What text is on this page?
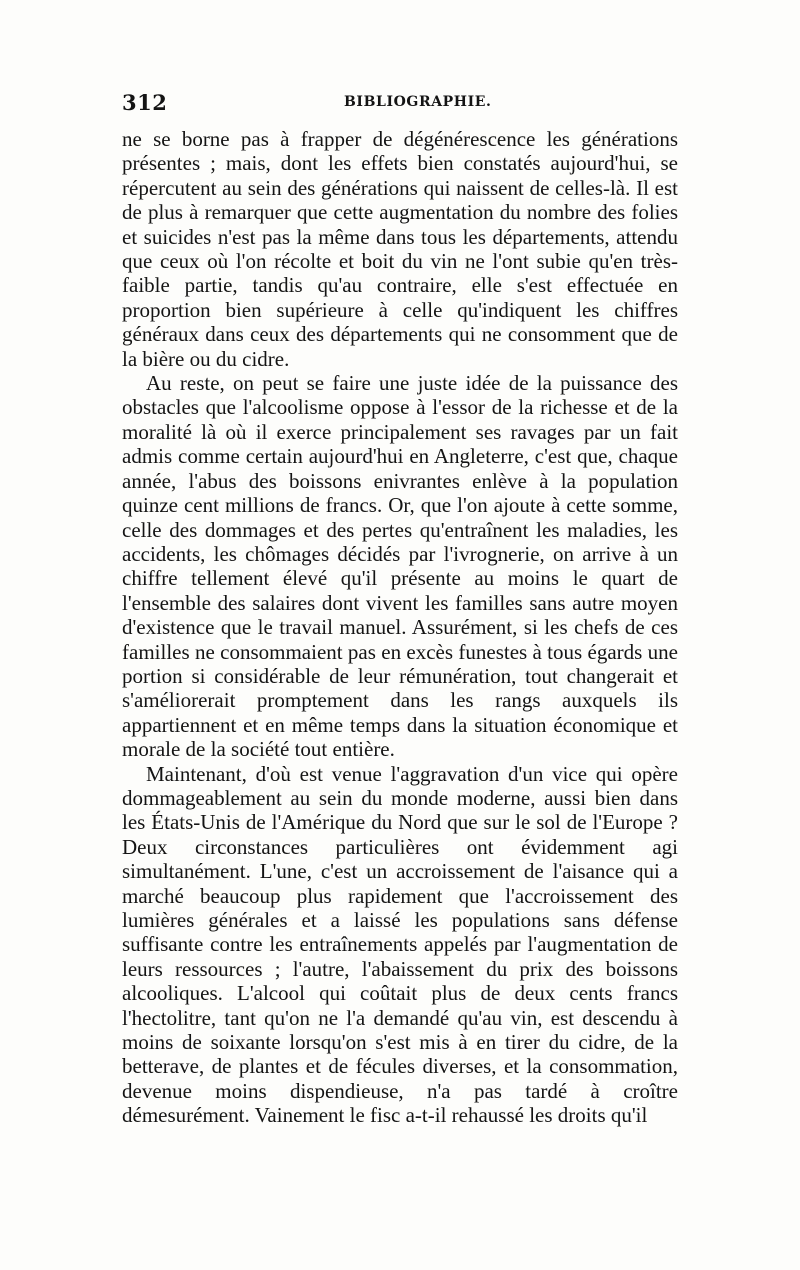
312	BIBLIOGRAPHIE.

ne se borne pas à frapper de dégénérescence les générations présentes ; mais, dont les effets bien constatés aujourd'hui, se répercutent au sein des générations qui naissent de celles-là. Il est de plus à remarquer que cette augmentation du nombre des folies et suicides n'est pas la même dans tous les départements, attendu que ceux où l'on récolte et boit du vin ne l'ont subie qu'en très-faible partie, tandis qu'au contraire, elle s'est effectuée en proportion bien supérieure à celle qu'indiquent les chiffres généraux dans ceux des départements qui ne consomment que de la bière ou du cidre.

Au reste, on peut se faire une juste idée de la puissance des obstacles que l'alcoolisme oppose à l'essor de la richesse et de la moralité là où il exerce principalement ses ravages par un fait admis comme certain aujourd'hui en Angleterre, c'est que, chaque année, l'abus des boissons enivrantes enlève à la population quinze cent millions de francs. Or, que l'on ajoute à cette somme, celle des dommages et des pertes qu'entraînent les maladies, les accidents, les chômages décidés par l'ivrognerie, on arrive à un chiffre tellement élevé qu'il présente au moins le quart de l'ensemble des salaires dont vivent les familles sans autre moyen d'existence que le travail manuel. Assurément, si les chefs de ces familles ne consommaient pas en excès funestes à tous égards une portion si considérable de leur rémunération, tout changerait et s'améliorerait promptement dans les rangs auxquels ils appartiennent et en même temps dans la situation économique et morale de la société tout entière.

Maintenant, d'où est venue l'aggravation d'un vice qui opère dommageablement au sein du monde moderne, aussi bien dans les États-Unis de l'Amérique du Nord que sur le sol de l'Europe ? Deux circonstances particulières ont évidemment agi simultanément. L'une, c'est un accroissement de l'aisance qui a marché beaucoup plus rapidement que l'accroissement des lumières générales et a laissé les populations sans défense suffisante contre les entraînements appelés par l'augmentation de leurs ressources ; l'autre, l'abaissement du prix des boissons alcooliques. L'alcool qui coûtait plus de deux cents francs l'hectolitre, tant qu'on ne l'a demandé qu'au vin, est descendu à moins de soixante lorsqu'on s'est mis à en tirer du cidre, de la betterave, de plantes et de fécules diverses, et la consommation, devenue moins dispendieuse, n'a pas tardé à croître démesurément. Vainement le fisc a-t-il rehaussé les droits qu'il
